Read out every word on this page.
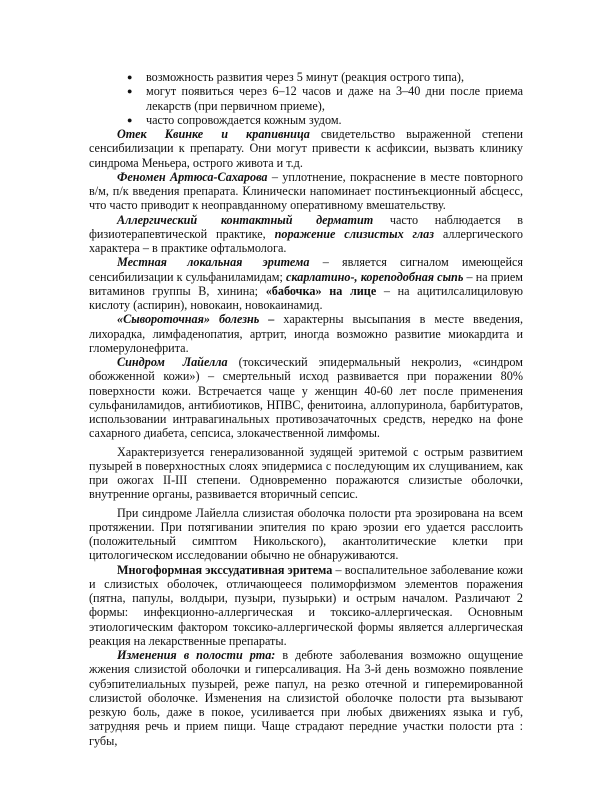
● возможность развития через 5 минут (реакция острого типа),
● могут появиться через 6–12 часов и даже на 3–40 дни после приема лекарств (при первичном приеме),
● часто сопровождается кожным зудом.

Отек Квинке и крапивница свидетельство выраженной степени сенсибилизации к препарату. Они могут привести к асфиксии, вызвать клинику синдрома Меньера, острого живота и т.д.

Феномен Артюса-Сахарова – уплотнение, покраснение в месте повторного в/м, п/к введения препарата. Клинически напоминает постинъекционный абсцесс, что часто приводит к неоправданному оперативному вмешательству.

Аллергический контактный дерматит часто наблюдается в физиотерапевтической практике, поражение слизистых глаз аллергического характера – в практике офтальмолога.

Местная локальная эритема – является сигналом имеющейся сенсибилизации к сульфаниламидам; скарлатино-, кореподобная сыпь – на прием витаминов группы В, хинина; «бабочка» на лице – на ацитилсалициловую кислоту (аспирин), новокаин, новокаинамид.

«Сывороточная» болезнь – характерны высыпания в месте введения, лихорадка, лимфаденопатия, артрит, иногда возможно развитие миокардита и гломерулонефрита.

Синдром Лайелла (токсический эпидермальный некролиз, «синдром обожженной кожи») – смертельный исход развивается при поражении 80% поверхности кожи. Встречается чаще у женщин 40-60 лет после применения сульфаниламидов, антибиотиков, НПВС, фенитоина, аллопуринола, барбитуратов, использовании интравагинальных противозачаточных средств, нередко на фоне сахарного диабета, сепсиса, злокачественной лимфомы.

Характеризуется генерализованной зудящей эритемой с острым развитием пузырей в поверхностных слоях эпидермиса с последующим их слущиванием, как при ожогах II-III степени. Одновременно поражаются слизистые оболочки, внутренние органы, развивается вторичный сепсис.

При синдроме Лайелла слизистая оболочка полости рта эрозирована на всем протяжении. При потягивании эпителия по краю эрозии его удается расслоить (положительный симптом Никольского), акантолитические клетки при цитологическом исследовании обычно не обнаруживаются.

Многоформная экссудативная эритема – воспалительное заболевание кожи и слизистых оболочек, отличающееся полиморфизмом элементов поражения (пятна, папулы, волдыри, пузыри, пузырьки) и острым началом. Различают 2 формы: инфекционно-аллергическая и токсико-аллергическая. Основным этиологическим фактором токсико-аллергической формы является аллергическая реакция на лекарственные препараты.

Изменения в полости рта: в дебюте заболевания возможно ощущение жжения слизистой оболочки и гиперсаливация. На 3-й день возможно появление субэпителиальных пузырей, реже папул, на резко отечной и гиперемированной слизистой оболочке. Изменения на слизистой оболочке полости рта вызывают резкую боль, даже в покое, усиливается при любых движениях языка и губ, затрудняя речь и прием пищи. Чаще страдают передние участки полости рта : губы,
